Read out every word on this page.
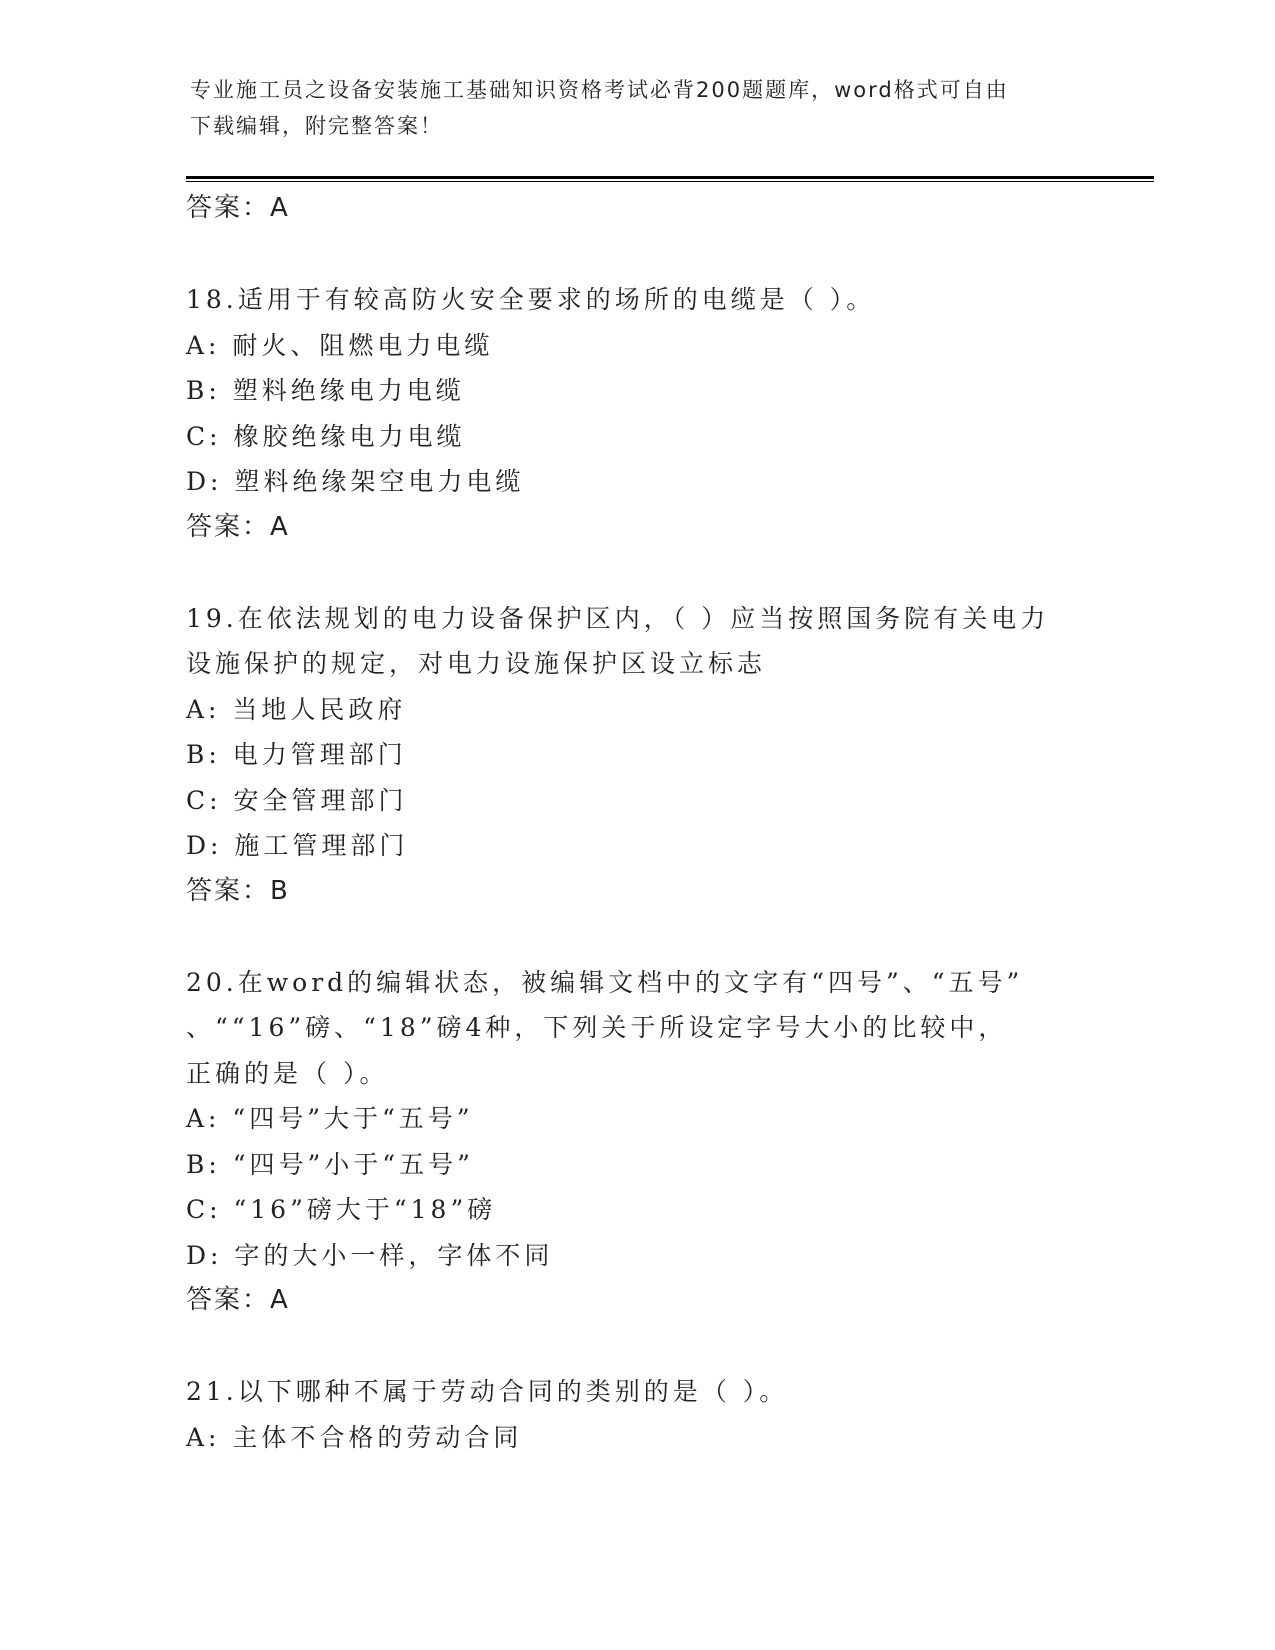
专业施工员之设备安装施工基础知识资格考试必背200题题库，word格式可自由
下载编辑，附完整答案！
答案：A
18.适用于有较高防火安全要求的场所的电缆是（ ）。
A: 耐火、阻燃电力电缆
B: 塑料绝缘电力电缆
C: 橡胶绝缘电力电缆
D: 塑料绝缘架空电力电缆
答案：A
19.在依法规划的电力设备保护区内，（ ）应当按照国务院有关电力
设施保护的规定，对电力设施保护区设立标志
A: 当地人民政府
B: 电力管理部门
C: 安全管理部门
D: 施工管理部门
答案：B
20.在word的编辑状态，被编辑文档中的文字有“四号”、“五号”
、““16”磅、“18”磅4种，下列关于所设定字号大小的比较中，
正确的是（ ）。
A: “四号”大于“五号”
B: “四号”小于“五号”
C: “16”磅大于“18”磅
D: 字的大小一样，字体不同
答案：A
21.以下哪种不属于劳动合同的类别的是（ ）。
A: 主体不合格的劳动合同
